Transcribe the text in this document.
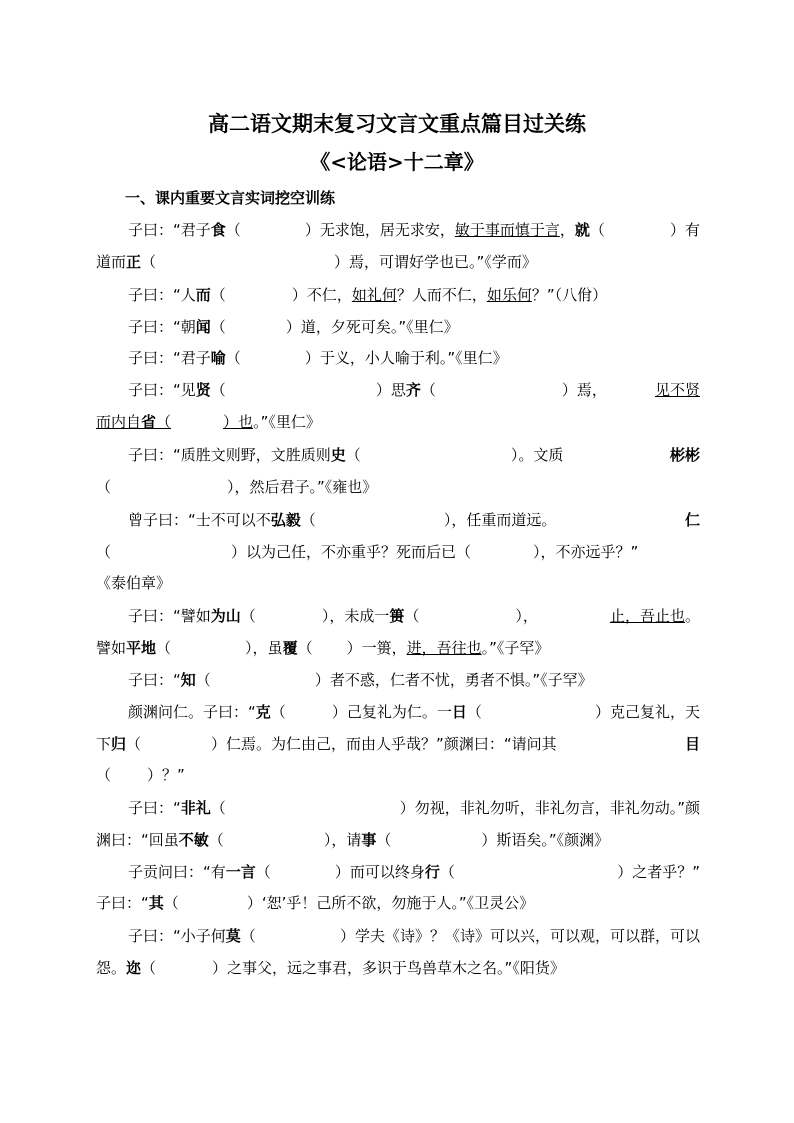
高二语文期末复习文言文重点篇目过关练
《<论语>十二章》
一、课内重要文言实词挖空训练
子曰：“君子食（	）无求饱，居无求安，敏于事而慎于言，就（	）有
道而正（	）焉，可谓好学也已。”《学而》
子曰：“人而（	）不仁，如礼何？人而不仁，如乐何？”（八佾）
子曰：“朝闻（	）道，夕死可矣。”《里仁》
子曰：“君子喻（	）于义，小人喻于利。”《里仁》
子曰：“见贤（	）思齐（	）焉，	见不贤
而内自省（	）也。”《里仁》
子曰：“质胜文则野，文胜质则史（	）。文质	彬彬
（	），然后君子。”《雍也》
曾子曰：“士不可以不弘毅（	），任重而道远。	仁
（	）以为己任，不亦重乎？死而后已（	），不亦远乎？”
《泰伯章》
子曰：“譬如为山（	），未成一篑（	），	止，吾止也。
譬如平地（	），虽覆（ ）一篑，进，吾往也。”《子罕》
子曰：“知（	）者不惑，仁者不忧，勇者不惧。”《子罕》
颜渊问仁。子曰：“克（	）己复礼为仁。一日（	）克己复礼，天
下归（	）仁焉。为仁由己，而由人乎哉？”颜渊曰：“请问其	目
（ ）？”
子曰：“非礼（	）勿视，非礼勿听，非礼勿言，非礼勿动。”颜
渊曰：“回虽不敏（	），请事（	）斯语矣。”《颜渊》
子贡问曰：“有一言（	）而可以终身行（	）之者乎？”
子曰：“其（	）‘恕’乎！己所不欲，勿施于人。”《卫灵公》
子曰：“小子何莫（	）学夫《诗》？《诗》可以兴，可以观，可以群，可以
怨。迩（	）之事父，远之事君，多识于鸟兽草木之名。”《阳货》
